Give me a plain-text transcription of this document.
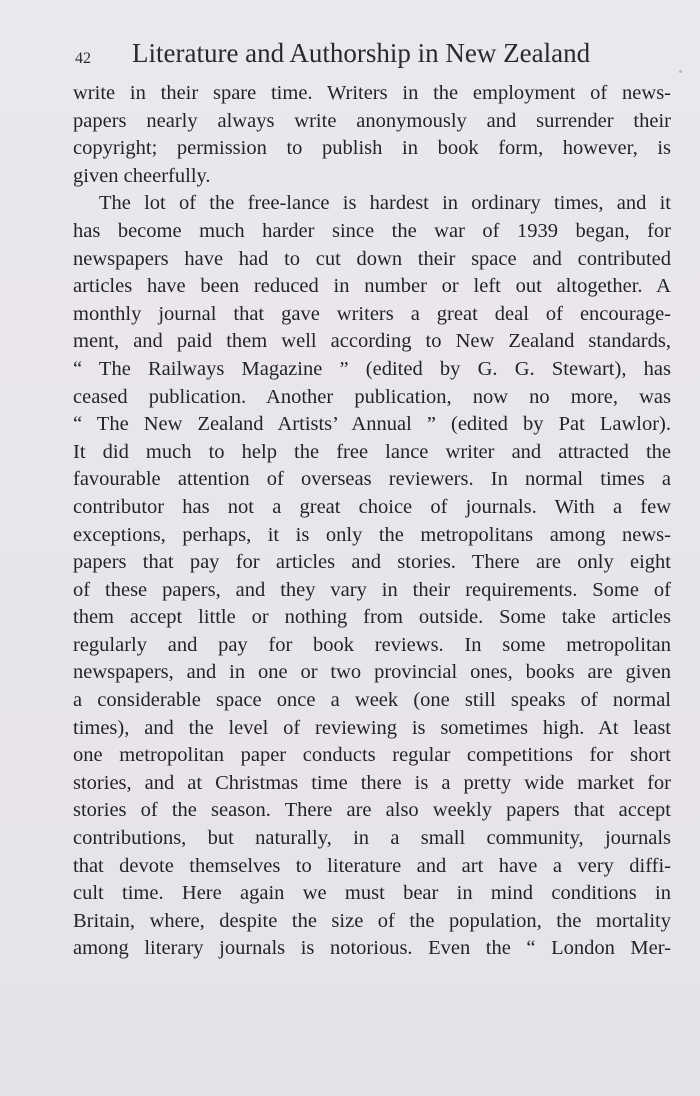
42 Literature and Authorship in New Zealand
write in their spare time. Writers in the employment of news-
papers nearly always write anonymously and surrender their
copyright; permission to publish in book form, however, is
given cheerfully.
The lot of the free-lance is hardest in ordinary times, and it
has become much harder since the war of 1939 began, for
newspapers have had to cut down their space and contributed
articles have been reduced in number or left out altogether. A
monthly journal that gave writers a great deal of encourage-
ment, and paid them well according to New Zealand standards,
“ The Railways Magazine ” (edited by G. G. Stewart), has
ceased publication. Another publication, now no more, was
“ The New Zealand Artists’ Annual ” (edited by Pat Lawlor).
It did much to help the free lance writer and attracted the
favourable attention of overseas reviewers. In normal times a
contributor has not a great choice of journals. With a few
exceptions, perhaps, it is only the metropolitans among news-
papers that pay for articles and stories. There are only eight
of these papers, and they vary in their requirements. Some of
them accept little or nothing from outside. Some take articles
regularly and pay for book reviews. In some metropolitan
newspapers, and in one or two provincial ones, books are given
a considerable space once a week (one still speaks of normal
times), and the level of reviewing is sometimes high. At least
one metropolitan paper conducts regular competitions for short
stories, and at Christmas time there is a pretty wide market for
stories of the season. There are also weekly papers that accept
contributions, but naturally, in a small community, journals
that devote themselves to literature and art have a very diffi-
cult time. Here again we must bear in mind conditions in
Britain, where, despite the size of the population, the mortality
among literary journals is notorious. Even the “ London Mer-
